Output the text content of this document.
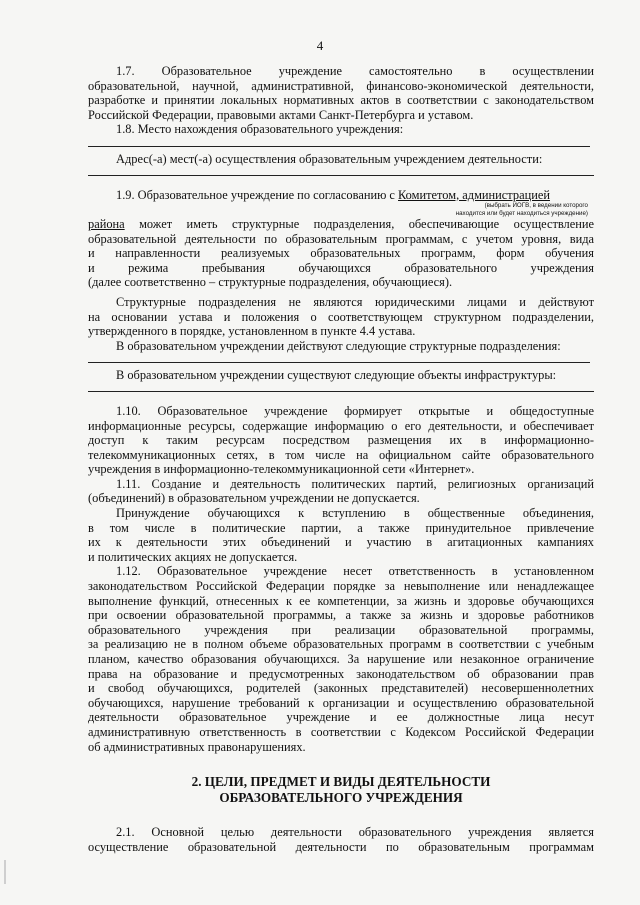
4

1.7. Образовательное учреждение самостоятельно в осуществлении

образовательной, научной, административной, финансово-экономической деятельности,

разработке и принятии локальных нормативных актов в соответствии с законодательством

Российской Федерации, правовыми актами Санкт-Петербурга и уставом.

1.8. Место нахождения образовательного учреждения:

Адрес(-а) мест(-а) осуществления образовательным учреждением деятельности:

1.9. Образовательное учреждение по согласованию с Комитетом, администрацией

(выбрать ИОГВ, в ведении которого
находится или будет находиться учреждение)

района может иметь структурные подразделения, обеспечивающие осуществление

образовательной деятельности по образовательным программам, с учетом уровня, вида

и направленности реализуемых образовательных программ, форм обучения

и режима пребывания обучающихся образовательного учреждения

(далее соответственно – структурные подразделения, обучающиеся).

Структурные подразделения не являются юридическими лицами и действуют

на основании устава и положения о соответствующем структурном подразделении,

утвержденного в порядке, установленном в пункте 4.4 устава.

В образовательном учреждении действуют следующие структурные подразделения:

В образовательном учреждении существуют следующие объекты инфраструктуры:

1.10. Образовательное учреждение формирует открытые и общедоступные

информационные ресурсы, содержащие информацию о его деятельности, и обеспечивает

доступ к таким ресурсам посредством размещения их в информационно-

телекоммуникационных сетях, в том числе на официальном сайте образовательного

учреждения в информационно-телекоммуникационной сети «Интернет».

1.11. Создание и деятельность политических партий, религиозных организаций

(объединений) в образовательном учреждении не допускается.

Принуждение обучающихся к вступлению в общественные объединения,

в том числе в политические партии, а также принудительное привлечение

их к деятельности этих объединений и участию в агитационных кампаниях

и политических акциях не допускается.

1.12. Образовательное учреждение несет ответственность в установленном

законодательством Российской Федерации порядке за невыполнение или ненадлежащее

выполнение функций, отнесенных к ее компетенции, за жизнь и здоровье обучающихся

при освоении образовательной программы, а также за жизнь и здоровье работников

образовательного учреждения при реализации образовательной программы,

за реализацию не в полном объеме образовательных программ в соответствии с учебным

планом, качество образования обучающихся. За нарушение или незаконное ограничение

права на образование и предусмотренных законодательством об образовании прав

и свобод обучающихся, родителей (законных представителей) несовершеннолетних

обучающихся, нарушение требований к организации и осуществлению образовательной

деятельности образовательное учреждение и ее должностные лица несут

административную ответственность в соответствии с Кодексом Российской Федерации

об административных правонарушениях.

2. ЦЕЛИ, ПРЕДМЕТ И ВИДЫ ДЕЯТЕЛЬНОСТИ
ОБРАЗОВАТЕЛЬНОГО УЧРЕЖДЕНИЯ

2.1. Основной целью деятельности образовательного учреждения является

осуществление образовательной деятельности по образовательным программам
